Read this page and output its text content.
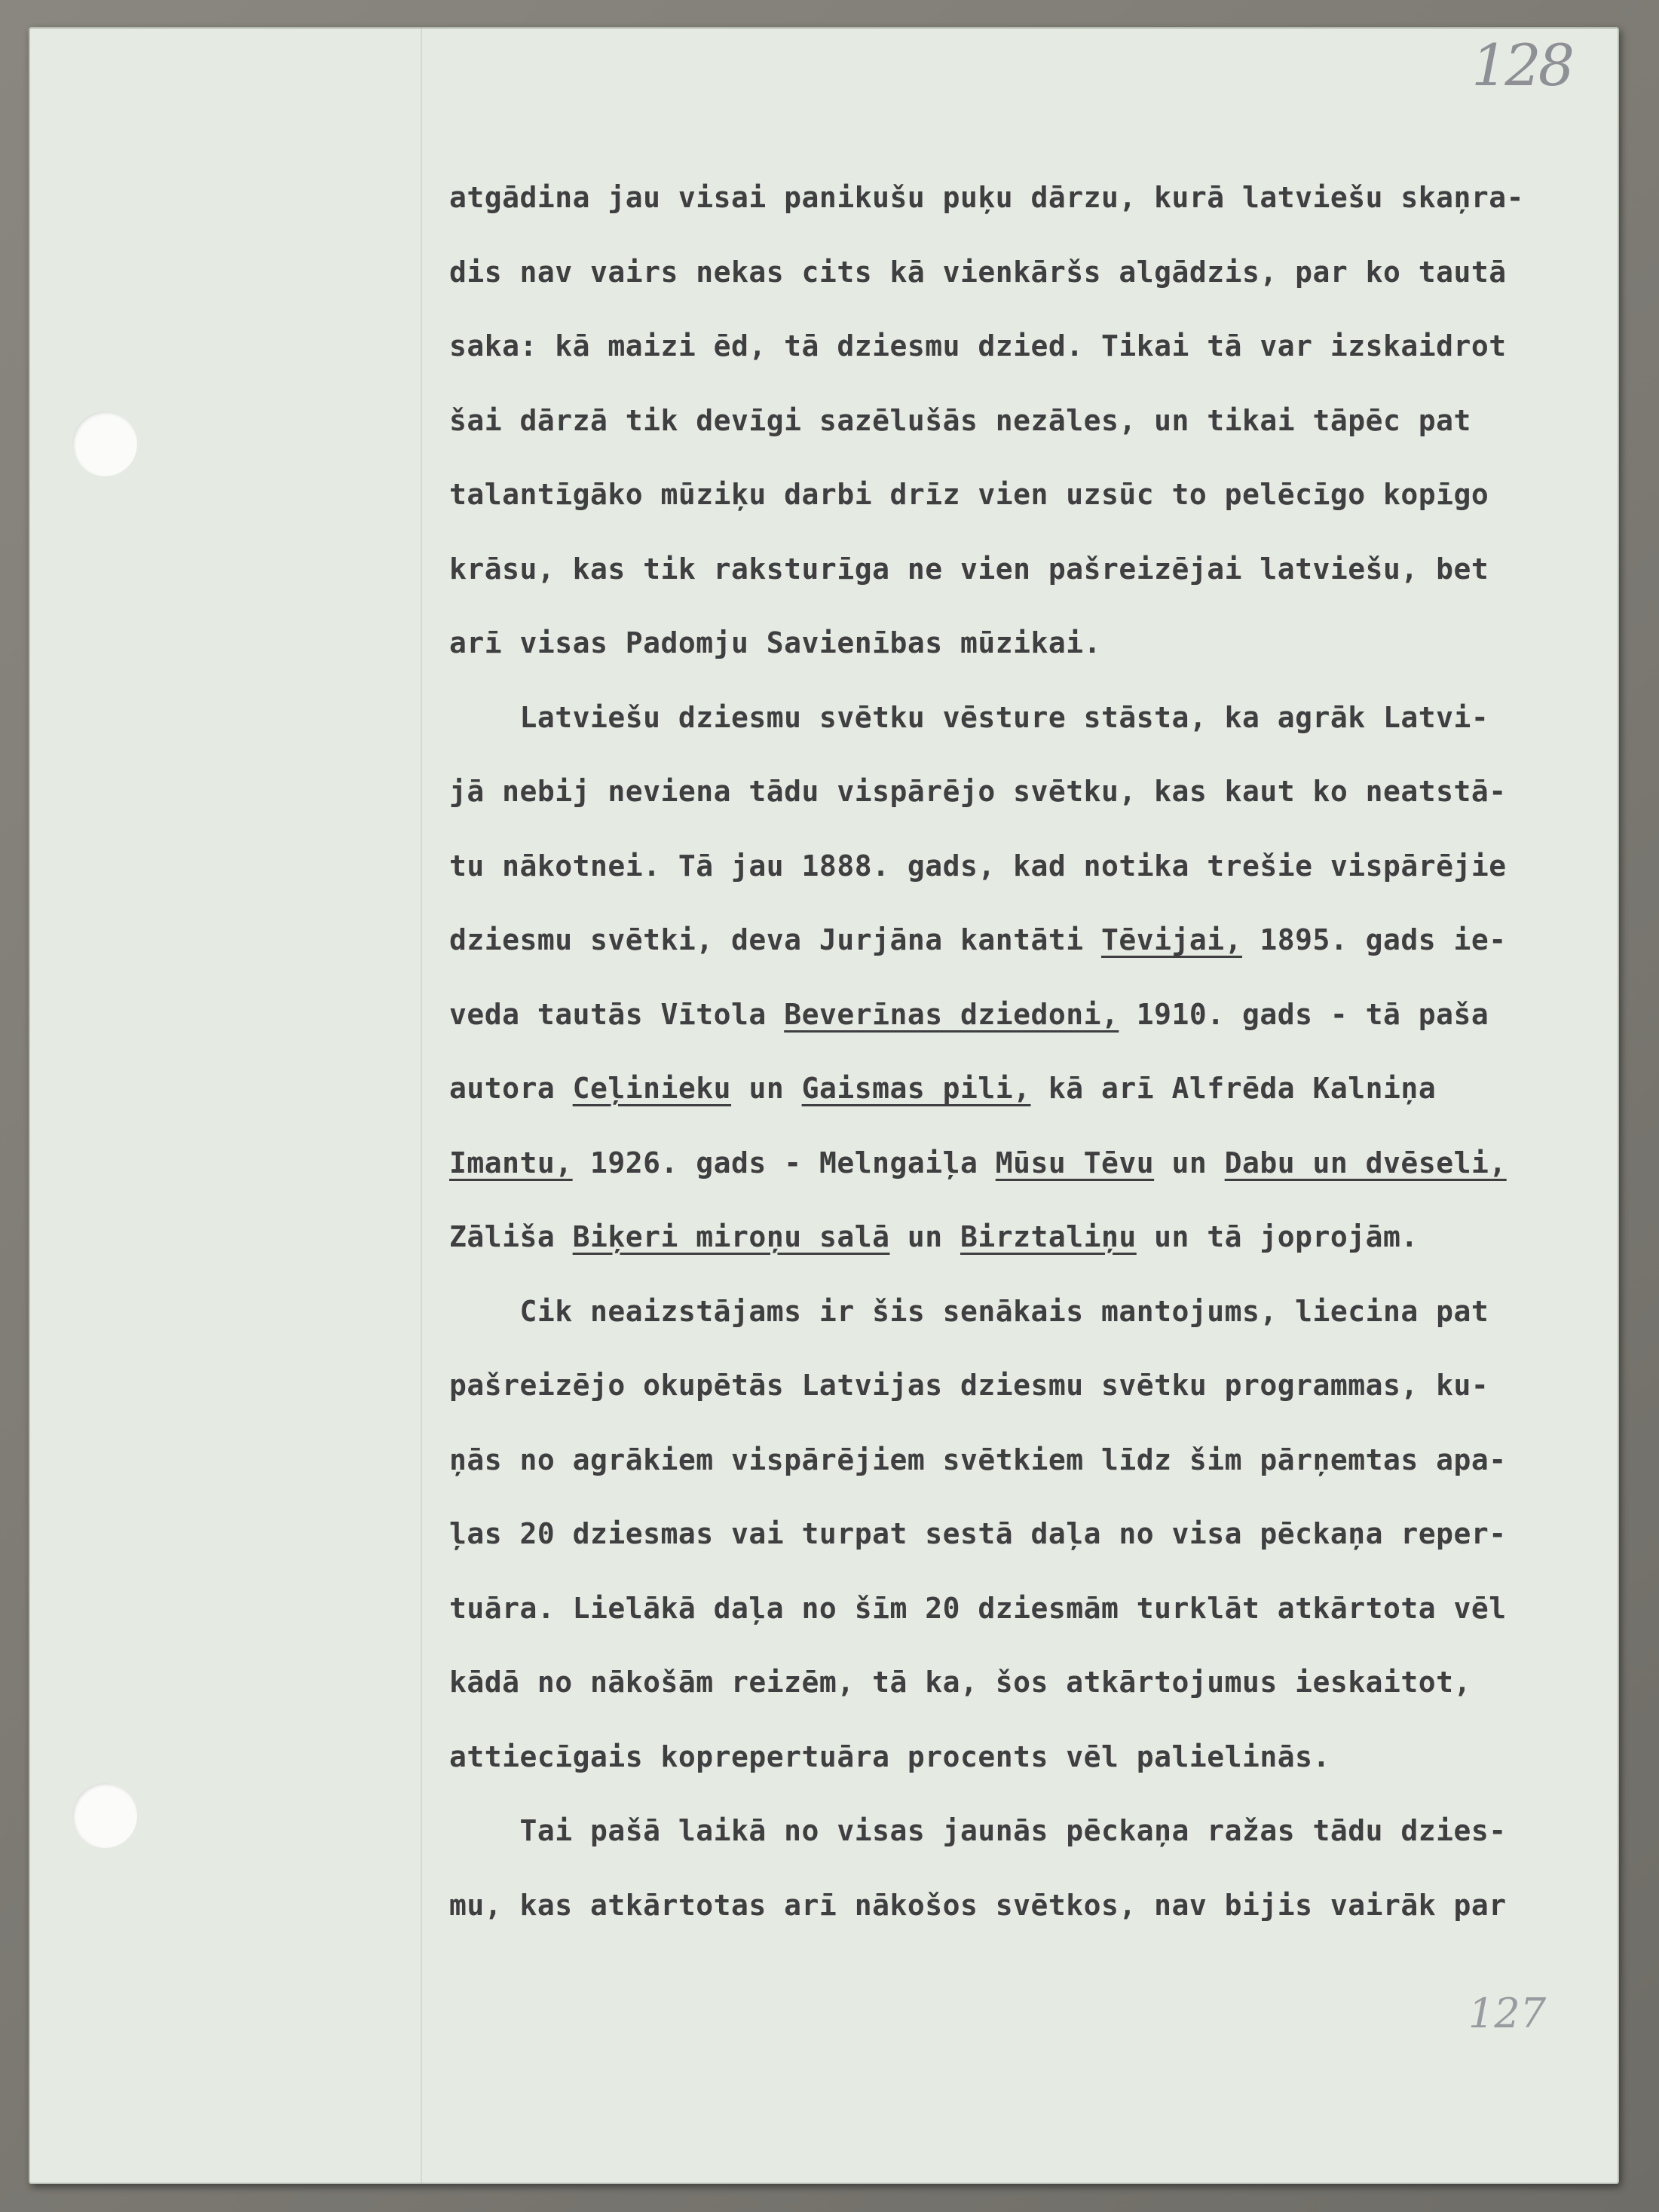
128
127
atgādina jau visai panikušu puķu dārzu, kurā latviešu skaņra-
dis nav vairs nekas cits kā vienkāršs algādzis, par ko tautā
saka: kā maizi ēd, tā dziesmu dzied. Tikai tā var izskaidrot
šai dārzā tik devīgi sazēlušās nezāles, un tikai tāpēc pat
talantīgāko mūziķu darbi drīz vien uzsūc to pelēcīgo kopīgo
krāsu, kas tik raksturīga ne vien pašreizējai latviešu, bet
arī visas Padomju Savienības mūzikai.
Latviešu dziesmu svētku vēsture stāsta, ka agrāk Latvi-
jā nebij neviena tādu vispārējo svētku, kas kaut ko neatstā-
tu nākotnei. Tā jau 1888. gads, kad notika trešie vispārējie
dziesmu svētki, deva Jurjāna kantāti Tēvijai, 1895. gads ie-
veda tautās Vītola Beverīnas dziedoni, 1910. gads - tā paša
autora Ceļinieku un Gaismas pili, kā arī Alfrēda Kalniņa
Imantu, 1926. gads - Melngaiļa Mūsu Tēvu un Dabu un dvēseli,
Zāliša Biķeri miroņu salā un Birztaliņu un tā joprojām.
Cik neaizstājams ir šis senākais mantojums, liecina pat
pašreizējo okupētās Latvijas dziesmu svētku programmas, ku-
ņās no agrākiem vispārējiem svētkiem līdz šim pārņemtas apa-
ļas 20 dziesmas vai turpat sestā daļa no visa pēckaņa reper-
tuāra. Lielākā daļa no šīm 20 dziesmām turklāt atkārtota vēl
kādā no nākošām reizēm, tā ka, šos atkārtojumus ieskaitot,
attiecīgais koprepertuāra procents vēl palielinās.
Tai pašā laikā no visas jaunās pēckaņa ražas tādu dzies-
mu, kas atkārtotas arī nākošos svētkos, nav bijis vairāk par
